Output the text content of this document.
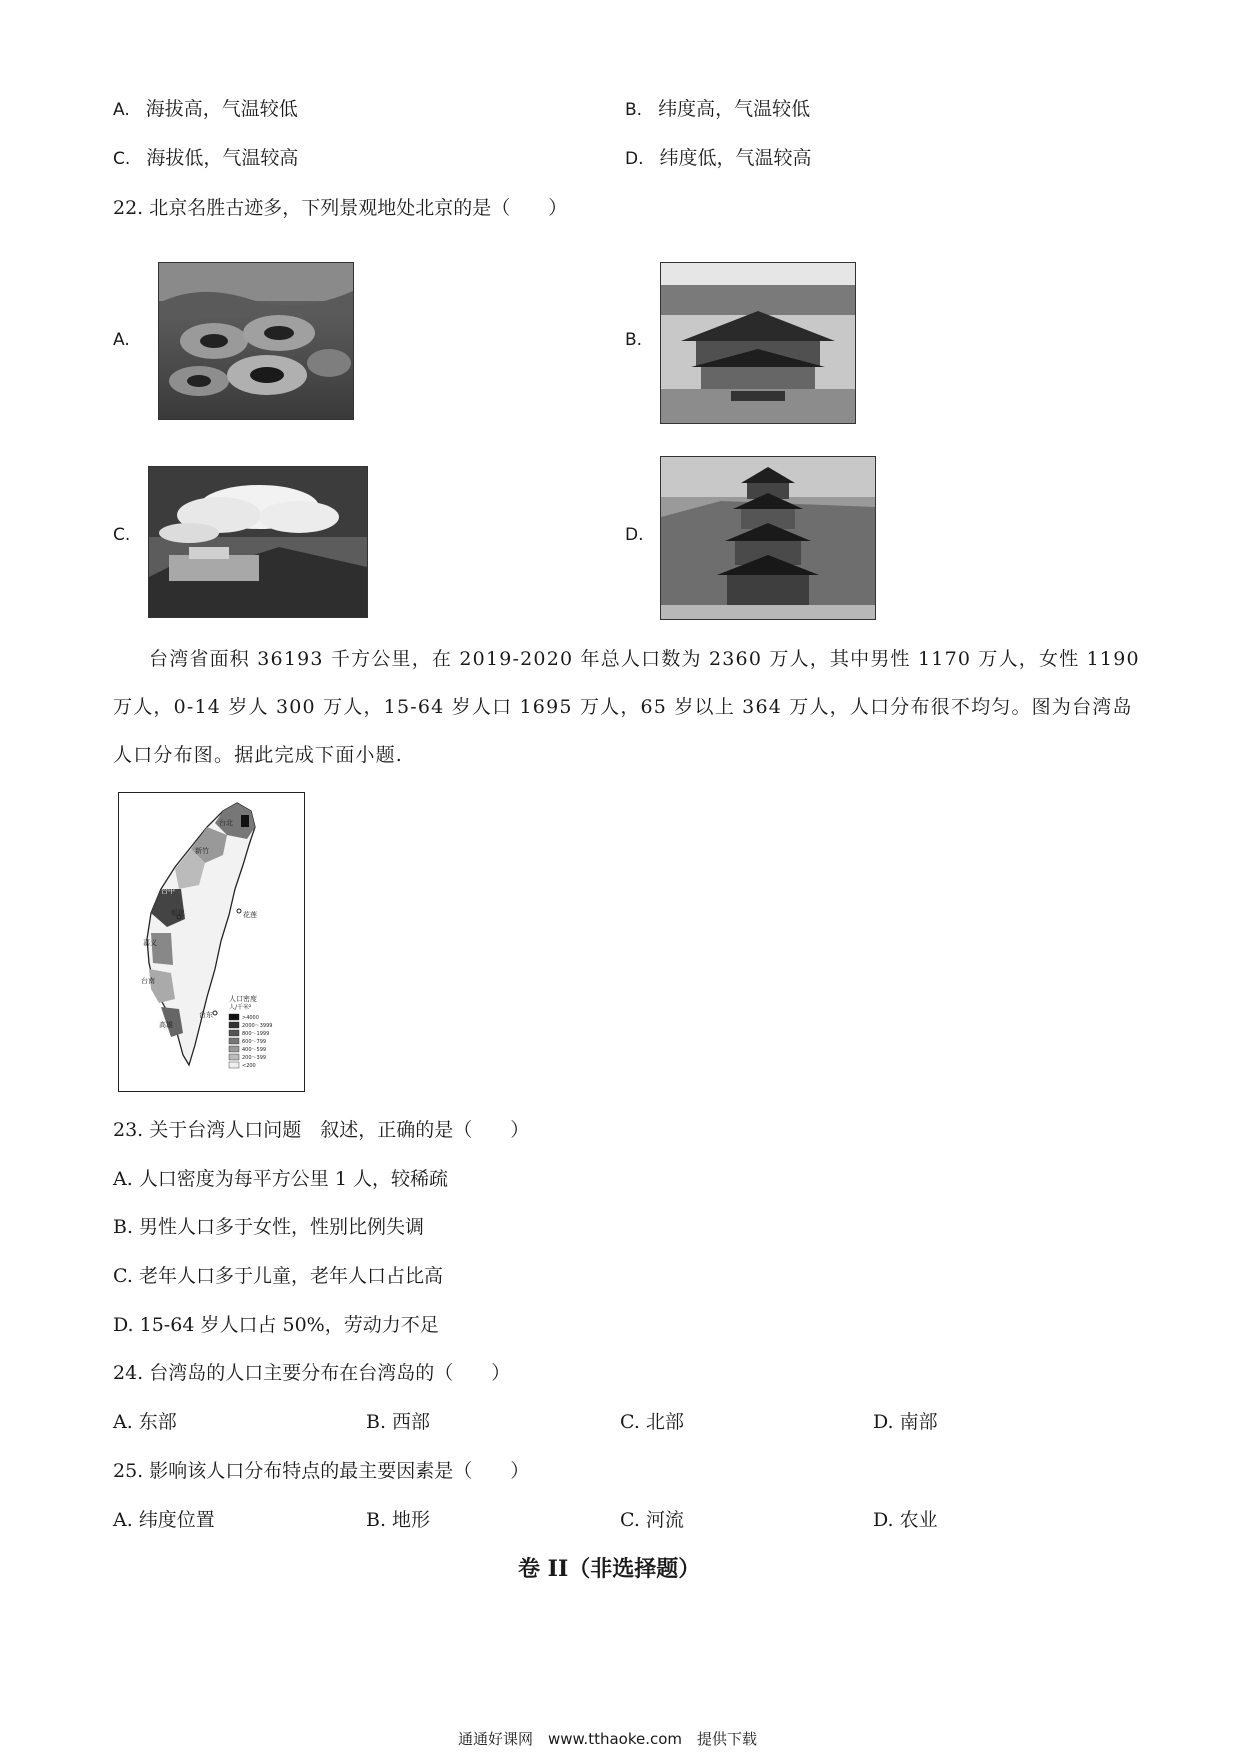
A. 海拔高，气温较低	B. 纬度高，气温较低
C. 海拔低，气温较高	D. 纬度低，气温较高
22. 北京名胜古迹多，下列景观地处北京的是（　　）
A.	B.
C.	D.
台湾省面积 36193 千方公里，在 2019-2020 年总人口数为 2360 万人，其中男性 1170 万人，女性 1190
万人，0-14 岁人 300 万人，15-64 岁人口 1695 万人，65 岁以上 364 万人，人口分布很不均匀。图为台湾岛
人口分布图。据此完成下面小题.
台北
新竹
台中
彰化	花莲
嘉义
台南
高雄
台东
人口密度
人/千米²
>4000
2000～3999
800～1999
600～799
400～599
200～399
<200
23. 关于台湾人口问题　叙述，正确的是（　　）
A. 人口密度为每平方公里 1 人，较稀疏
B. 男性人口多于女性，性别比例失调
C. 老年人口多于儿童，老年人口占比高
D. 15-64 岁人口占 50%，劳动力不足
24. 台湾岛的人口主要分布在台湾岛的（　　）
A. 东部	B. 西部	C. 北部	D. 南部
25. 影响该人口分布特点的最主要因素是（　　）
A. 纬度位置	B. 地形	C. 河流	D. 农业
卷 II（非选择题）
通通好课网　www.tthaoke.com　提供下载
